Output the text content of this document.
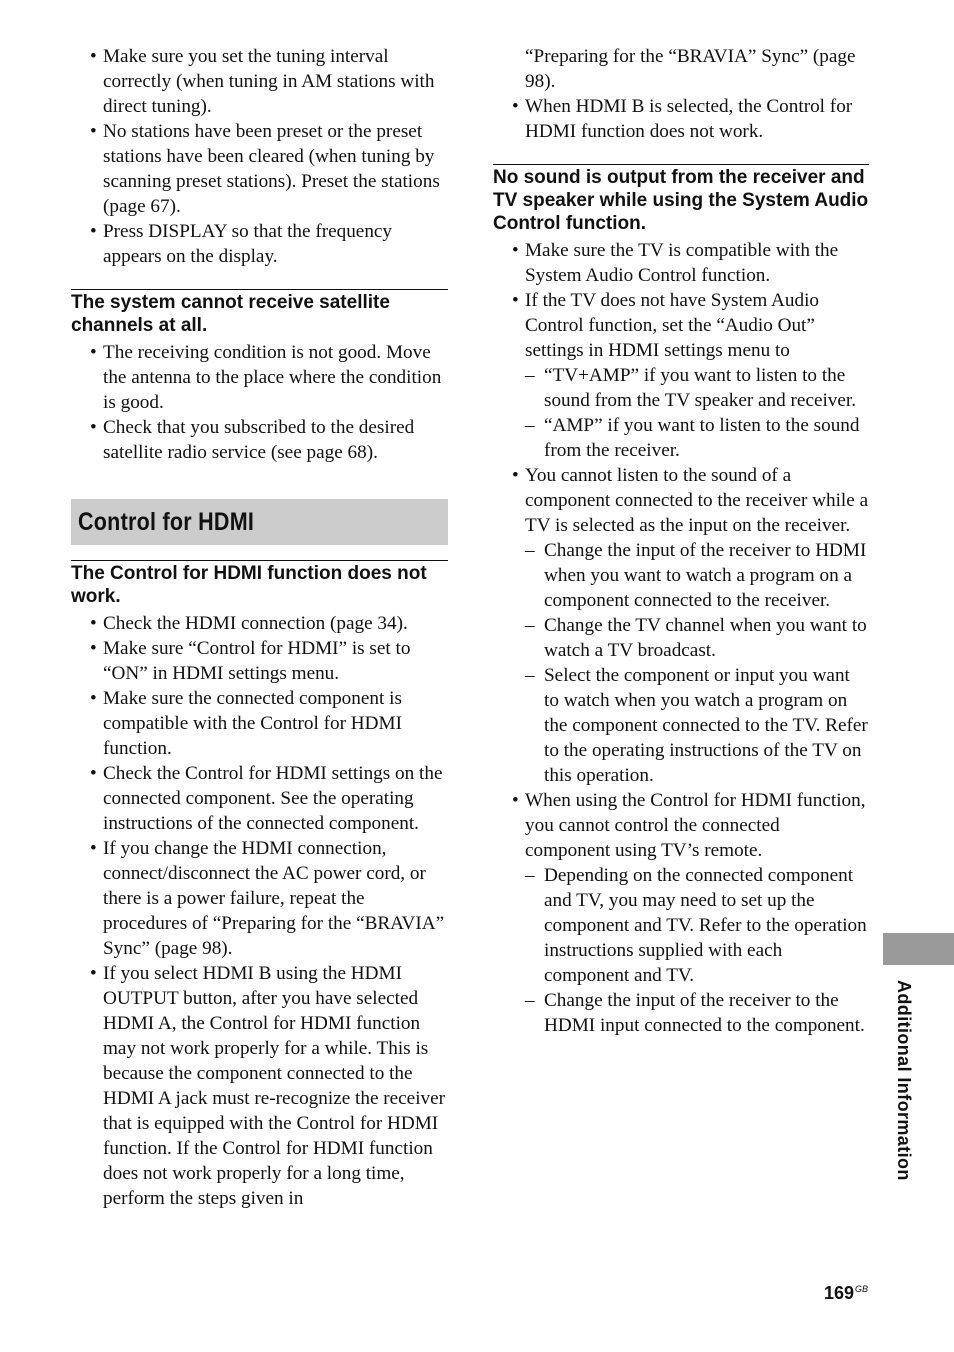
• Make sure you set the tuning interval correctly (when tuning in AM stations with direct tuning).
• No stations have been preset or the preset stations have been cleared (when tuning by scanning preset stations). Preset the stations (page 67).
• Press DISPLAY so that the frequency appears on the display.
The system cannot receive satellite channels at all.
• The receiving condition is not good. Move the antenna to the place where the condition is good.
• Check that you subscribed to the desired satellite radio service (see page 68).
Control for HDMI
The Control for HDMI function does not work.
• Check the HDMI connection (page 34).
• Make sure “Control for HDMI” is set to “ON” in HDMI settings menu.
• Make sure the connected component is compatible with the Control for HDMI function.
• Check the Control for HDMI settings on the connected component. See the operating instructions of the connected component.
• If you change the HDMI connection, connect/disconnect the AC power cord, or there is a power failure, repeat the procedures of “Preparing for the “BRAVIA” Sync” (page 98).
• If you select HDMI B using the HDMI OUTPUT button, after you have selected HDMI A, the Control for HDMI function may not work properly for a while. This is because the component connected to the HDMI A jack must re-recognize the receiver that is equipped with the Control for HDMI function. If the Control for HDMI function does not work properly for a long time, perform the steps given in
“Preparing for the “BRAVIA” Sync” (page 98).
• When HDMI B is selected, the Control for HDMI function does not work.
No sound is output from the receiver and TV speaker while using the System Audio Control function.
• Make sure the TV is compatible with the System Audio Control function.
• If the TV does not have System Audio Control function, set the “Audio Out” settings in HDMI settings menu to
– “TV+AMP” if you want to listen to the sound from the TV speaker and receiver.
– “AMP” if you want to listen to the sound from the receiver.
• You cannot listen to the sound of a component connected to the receiver while a TV is selected as the input on the receiver.
– Change the input of the receiver to HDMI when you want to watch a program on a component connected to the receiver.
– Change the TV channel when you want to watch a TV broadcast.
– Select the component or input you want to watch when you watch a program on the component connected to the TV. Refer to the operating instructions of the TV on this operation.
• When using the Control for HDMI function, you cannot control the connected component using TV’s remote.
– Depending on the connected component and TV, you may need to set up the component and TV. Refer to the operation instructions supplied with each component and TV.
– Change the input of the receiver to the HDMI input connected to the component. Additional Information
$169^{GB}$
